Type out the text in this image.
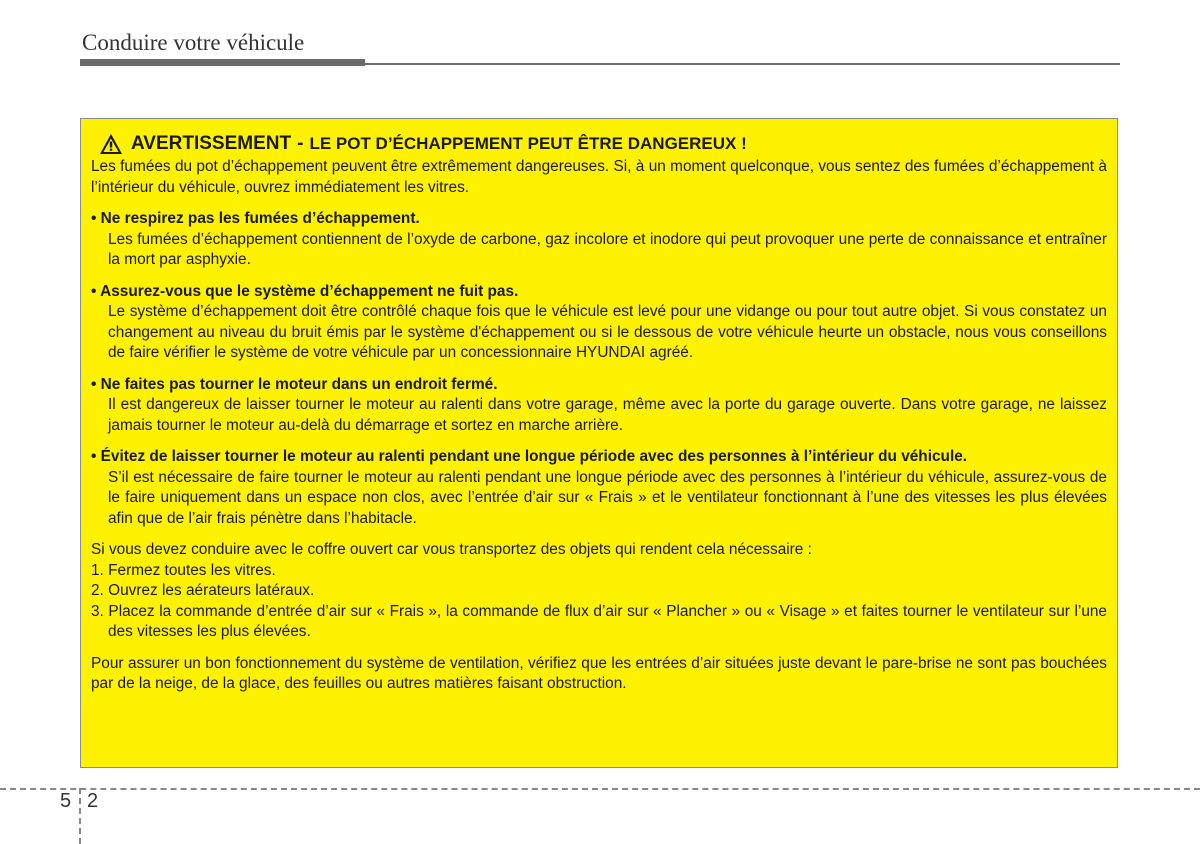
Conduire votre véhicule
AVERTISSEMENT - LE POT D’ÉCHAPPEMENT PEUT ÊTRE DANGEREUX !

Les fumées du pot d’échappement peuvent être extrêmement dangereuses. Si, à un moment quelconque, vous sentez des fumées d’échappement à l’intérieur du véhicule, ouvrez immédiatement les vitres.

• Ne respirez pas les fumées d’échappement.

Les fumées d’échappement contiennent de l’oxyde de carbone, gaz incolore et inodore qui peut provoquer une perte de connaissance et entraîner la mort par asphyxie.

• Assurez-vous que le système d’échappement ne fuit pas.

Le système d’échappement doit être contrôlé chaque fois que le véhicule est levé pour une vidange ou pour tout autre objet. Si vous constatez un changement au niveau du bruit émis par le système d'échappement ou si le dessous de votre véhicule heurte un obstacle, nous vous conseillons de faire vérifier le système de votre véhicule par un concessionnaire HYUNDAI agréé.

• Ne faites pas tourner le moteur dans un endroit fermé.

Il est dangereux de laisser tourner le moteur au ralenti dans votre garage, même avec la porte du garage ouverte. Dans votre garage, ne laissez jamais tourner le moteur au-delà du démarrage et sortez en marche arrière.

• Évitez de laisser tourner le moteur au ralenti pendant une longue période avec des personnes à l’intérieur du véhicule.

S’il est nécessaire de faire tourner le moteur au ralenti pendant une longue période avec des personnes à l’intérieur du véhicule, assurez-vous de le faire uniquement dans un espace non clos, avec l’entrée d’air sur « Frais » et le ventilateur fonctionnant à l’une des vitesses les plus élevées afin que de l’air frais pénètre dans l’habitacle.

Si vous devez conduire avec le coffre ouvert car vous transportez des objets qui rendent cela nécessaire :

1. Fermez toutes les vitres.

2. Ouvrez les aérateurs latéraux.

3. Placez la commande d’entrée d’air sur « Frais », la commande de flux d’air sur « Plancher » ou « Visage » et faites tourner le ventilateur sur l’une des vitesses les plus élevées.

Pour assurer un bon fonctionnement du système de ventilation, vérifiez que les entrées d’air situées juste devant le pare-brise ne sont pas bouchées par de la neige, de la glace, des feuilles ou autres matières faisant obstruction.

5 2
